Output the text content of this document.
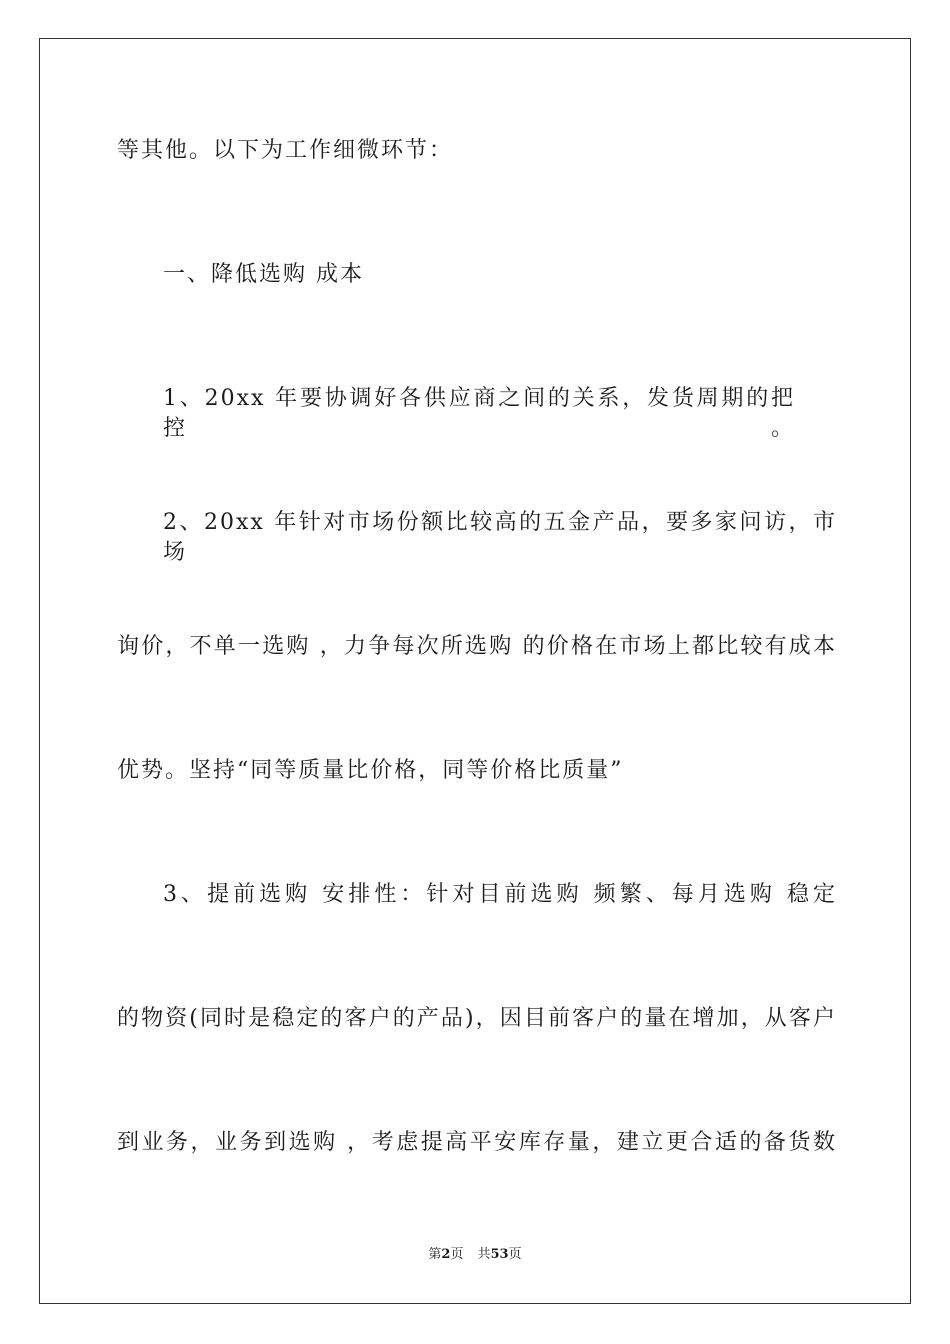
等其他。以下为工作细微环节：
一、降低选购 成本
1、20xx 年要协调好各供应商之间的关系，发货周期的把控。
2、20xx 年针对市场份额比较高的五金产品，要多家问访，市场
询价，不单一选购 ，力争每次所选购 的价格在市场上都比较有成本
优势。坚持“同等质量比价格，同等价格比质量”
3、提前选购 安排性：针对目前选购 频繁、每月选购 稳定
的物资(同时是稳定的客户的产品)，因目前客户的量在增加，从客户
到业务，业务到选购 ，考虑提高平安库存量，建立更合适的备货数
第2页 共53页
